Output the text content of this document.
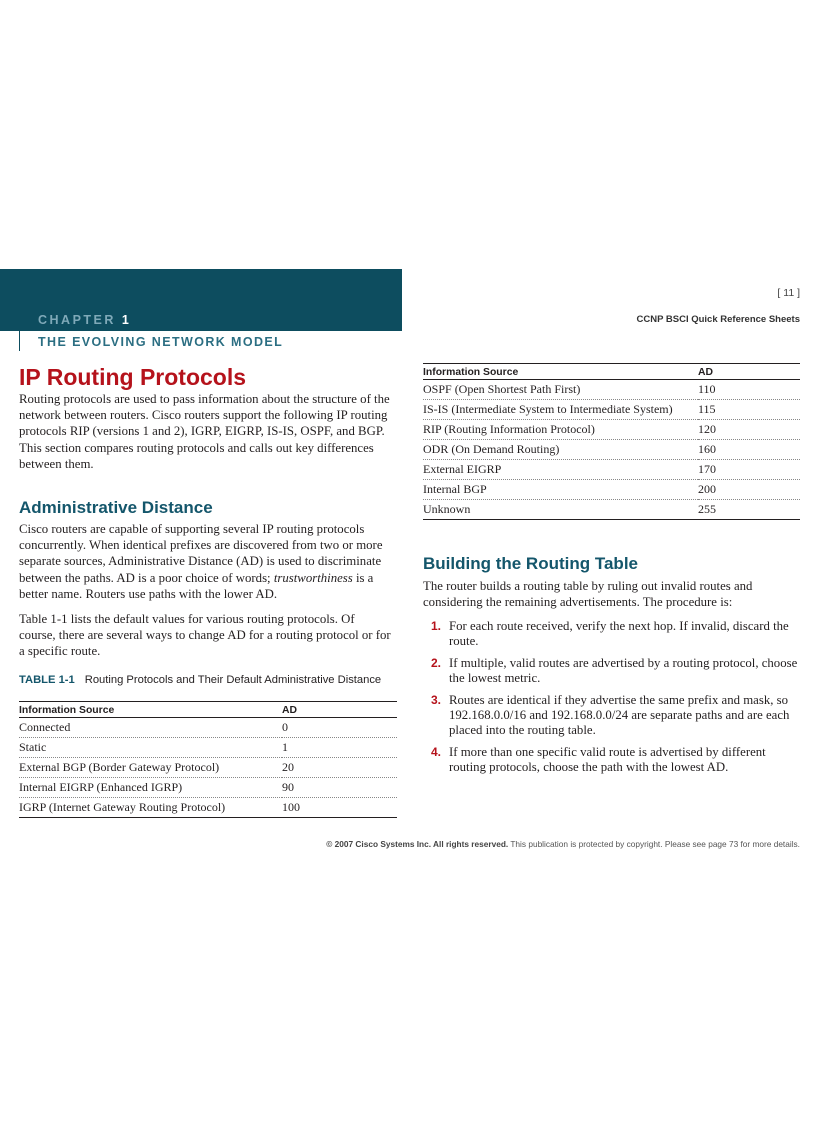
CHAPTER 1
THE EVOLVING NETWORK MODEL
[ 11 ]
CCNP BSCI Quick Reference Sheets
IP Routing Protocols

Routing protocols are used to pass information about the structure of the network between routers. Cisco routers support the following IP routing protocols RIP (versions 1 and 2), IGRP, EIGRP, IS-IS, OSPF, and BGP. This section compares routing protocols and calls out key differences between them.

Administrative Distance

Cisco routers are capable of supporting several IP routing protocols concurrently. When identical prefixes are discovered from two or more separate sources, Administrative Distance (AD) is used to discriminate between the paths. AD is a poor choice of words; trustworthiness is a better name. Routers use paths with the lower AD.

Table 1-1 lists the default values for various routing protocols. Of course, there are several ways to change AD for a routing protocol or for a specific route.

TABLE 1-1 Routing Protocols and Their Default Administrative Distance
Information Source	AD
Connected	0
Static	1
External BGP (Border Gateway Protocol)	20
Internal EIGRP (Enhanced IGRP)	90
IGRP (Internet Gateway Routing Protocol)	100
Information Source	AD
OSPF (Open Shortest Path First)	110
IS-IS (Intermediate System to Intermediate System)	115
RIP (Routing Information Protocol)	120
ODR (On Demand Routing)	160
External EIGRP	170
Internal BGP	200
Unknown	255
Building the Routing Table

The router builds a routing table by ruling out invalid routes and considering the remaining advertisements. The procedure is:

1. For each route received, verify the next hop. If invalid, discard the route.
2. If multiple, valid routes are advertised by a routing protocol, choose the lowest metric.
3. Routes are identical if they advertise the same prefix and mask, so 192.168.0.0/16 and 192.168.0.0/24 are separate paths and are each placed into the routing table.
4. If more than one specific valid route is advertised by different routing protocols, choose the path with the lowest AD.
© 2007 Cisco Systems Inc. All rights reserved. This publication is protected by copyright. Please see page 73 for more details.
